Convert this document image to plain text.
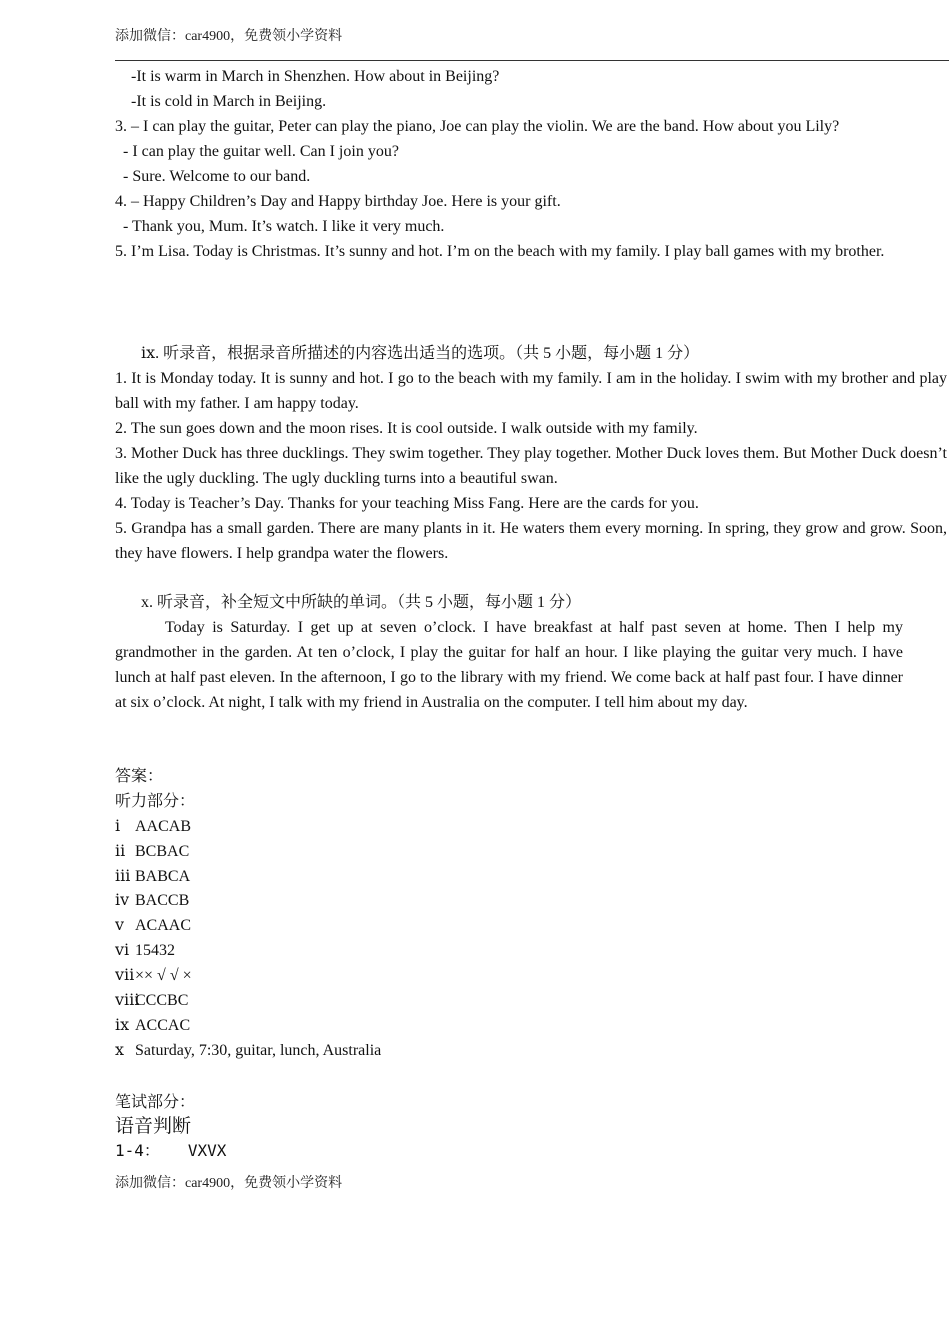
添加微信：car4900，免费领小学资料
-It is warm in March in Shenzhen. How about in Beijing?
-It is cold in March in Beijing.
3. – I can play the guitar, Peter can play the piano, Joe can play the violin. We are the band. How about you Lily?
- I can play the guitar well. Can I join you?
- Sure. Welcome to our band.
4. – Happy Children’s Day and Happy birthday Joe. Here is your gift.
- Thank you, Mum. It’s watch. I like it very much.
5. I’m Lisa. Today is Christmas. It’s sunny and hot. I’m on the beach with my family. I play ball games with my brother.
ⅸ. 听录音，根据录音所描述的内容选出适当的选项。（共 5 小题，每小题 1 分）
1. It is Monday today. It is sunny and hot. I go to the beach with my family. I am in the holiday. I swim with my brother and play ball with my father. I am happy today.
2. The sun goes down and the moon rises. It is cool outside. I walk outside with my family.
3. Mother Duck has three ducklings. They swim together. They play together. Mother Duck loves them. But Mother Duck doesn’t like the ugly duckling. The ugly duckling turns into a beautiful swan.
4. Today is Teacher’s Day. Thanks for your teaching Miss Fang. Here are the cards for you.
5. Grandpa has a small garden. There are many plants in it. He waters them every morning. In spring, they grow and grow. Soon, they have flowers. I help grandpa water the flowers.
x. 听录音，补全短文中所缺的单词。（共 5 小题，每小题 1 分）
Today is Saturday. I get up at seven o’clock. I have breakfast at half past seven at home. Then I help my grandmother in the garden. At ten o’clock, I play the guitar for half an hour. I like playing the guitar very much. I have lunch at half past eleven. In the afternoon, I go to the library with my friend. We come back at half past four. I have dinner at six o’clock. At night, I talk with my friend in Australia on the computer. I tell him about my day.
答案：
听力部分：
ⅰ AACAB
ⅱ BCBAC
ⅲ BABCA
ⅳ BACCB
ⅴ ACAAC
ⅵ 15432
ⅶ×× √ √ ×
ⅷCCCBC
ⅸ ACCAC
ⅹ Saturday, 7:30, guitar, lunch, Australia
笔试部分：
语音判断
1-4： VXVX
添加微信：car4900，免费领小学资料
